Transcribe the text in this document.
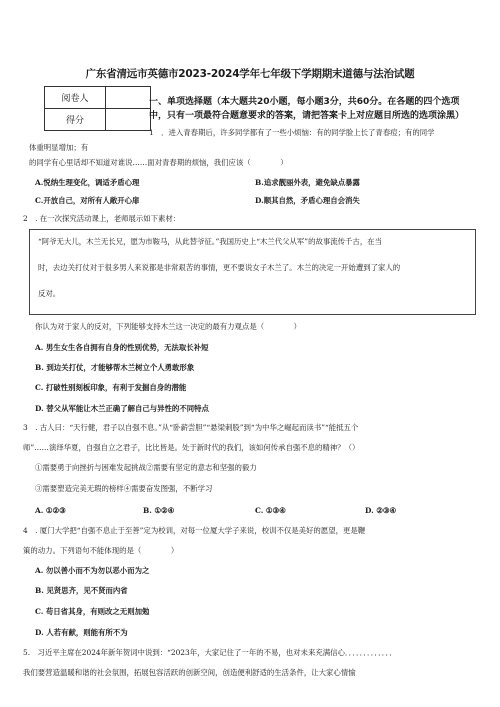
广东省清远市英德市2023-2024学年七年级下学期期末道德与法治试题
阅卷人	
得分	
一、单项选择题（本大题共20小题，每小题3分，共60分。在各题的四个选项
中，只有一项最符合题意要求的答案，请把答案卡上对应题目所选的选项涂黑）
1　．进入青春期后，许多同学都有了一些小烦恼：有的同学脸上长了青春痘；有的同学
体重明显增加；有
的同学有心里话却不知道对谁说……面对青春期的烦恼，我们应该（　　　　）
A.悦纳生理变化，调适矛盾心理	B.追求靓丽外表，避免缺点暴露
C.开放自己，对所有人敞开心扉	D.顺其自然，矛盾心理自会消失
2　. 在一次探究活动课上，老师展示如下素材：
“阿爷无大儿，木兰无长兄，愿为市鞍马，从此替爷征。”我国历史上“木兰代父从军”的故事流传千古，在当
时，去边关打仗对于很多男人来说都是非常艰苦的事情，更不要说女子木兰了。木兰的决定一开始遭到了家人的
反对。
你认为对于家人的反对，下列能够支持木兰这一决定的最有力观点是（　　　　）
A. 男生女生各自拥有自身的性别优势，无法取长补短
B. 到边关打仗，才能够帮木兰树立个人勇敢形象
C. 打破性别刻板印象，有利于发掘自身的潜能
D. 替父从军能让木兰正确了解自己与异性的不同特点
3　. 古人曰：“天行健，君子以自强不息。”从“卧薪尝胆”“悬梁刺股”到“为中华之崛起而读书”“能抵五个
师”……演绎华夏，自强自立之君子，比比皆是。处于新时代的我们，该如何传承自强不息的精神？（）
①需要勇于向挫折与困难发起挑战②需要有坚定的意志和坚强的毅力
③需要塑造完美无瑕的榜样④需要奋发图强，不断学习
A. ①②③	B. ①②④	C. ①③④	D. ②③④
4　. 厦门大学把“自强不息止于至善”定为校训，对每一位厦大学子来说，校训不仅是美好的愿望，更是鞭
策的动力。下列语句不能体现的是（　　　　）
A. 勿以善小而不为勿以恶小而为之
B. 见贤思齐，见不贤而内省
C. 苟日省其身，有则改之无则加勉
D. 人若有献，则能有所不为
5.　习近平主席在2024年新年贺词中说到：“2023年，大家记住了一年的不易，也对未来充满信心．．．．．．．．．．．．．
我们要营造温暖和谐的社会氛围，拓展包容活跃的创新空间，创造便利舒适的生活条件，让大家心情愉
